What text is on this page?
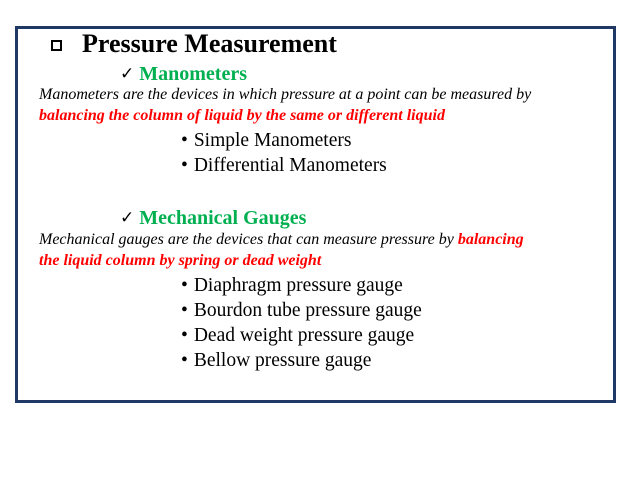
Pressure Measurement
✓ Manometers
Manometers are the devices in which pressure at a point can be measured by
balancing the column of liquid by the same or different liquid
• Simple Manometers
• Differential Manometers
✓ Mechanical Gauges
Mechanical gauges are the devices that can measure pressure by balancing
the liquid column by spring or dead weight
• Diaphragm pressure gauge
• Bourdon tube pressure gauge
• Dead weight pressure gauge
• Bellow pressure gauge
